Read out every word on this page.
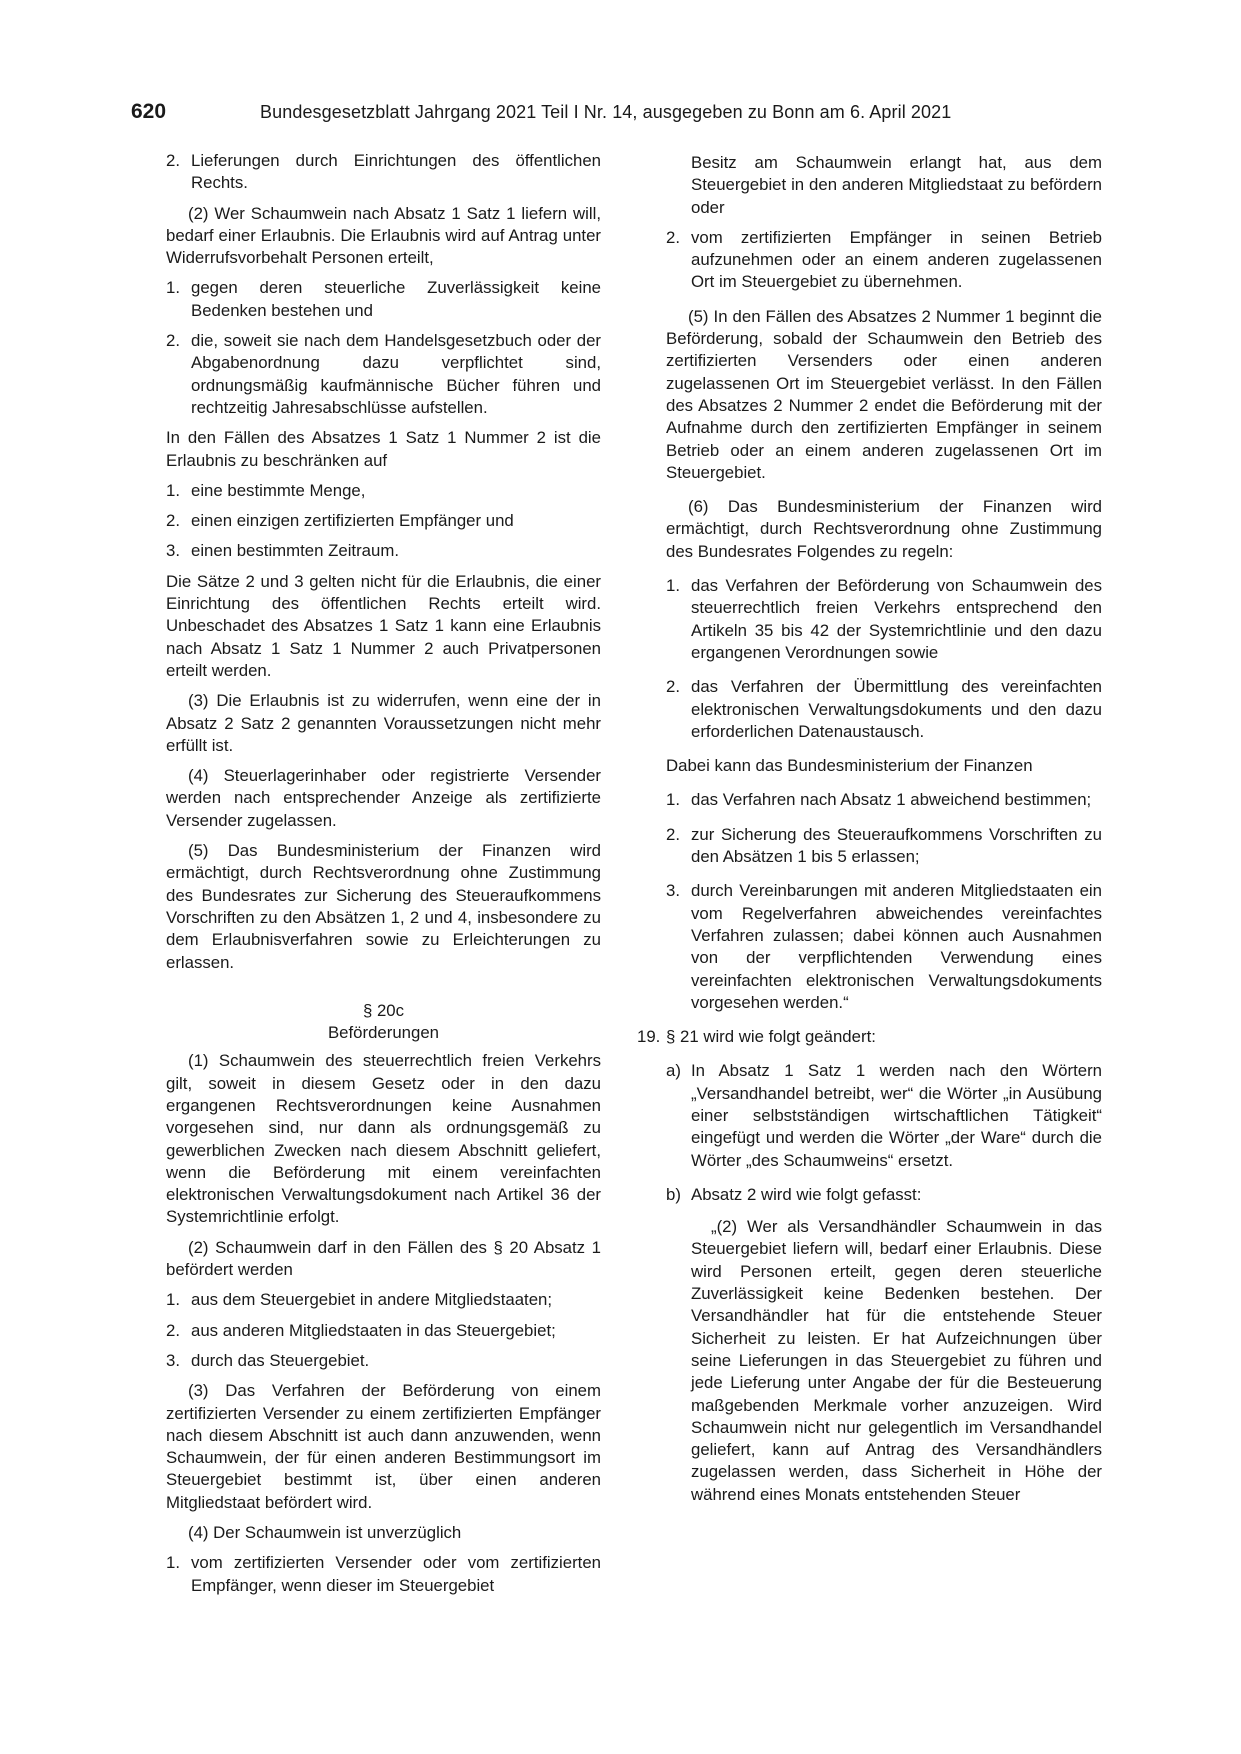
620	Bundesgesetzblatt Jahrgang 2021 Teil I Nr. 14, ausgegeben zu Bonn am 6. April 2021
2. Lieferungen durch Einrichtungen des öffentlichen Rechts.

(2) Wer Schaumwein nach Absatz 1 Satz 1 liefern will, bedarf einer Erlaubnis. Die Erlaubnis wird auf Antrag unter Widerrufsvorbehalt Personen erteilt,

1. gegen deren steuerliche Zuverlässigkeit keine Bedenken bestehen und
2. die, soweit sie nach dem Handelsgesetzbuch oder der Abgabenordnung dazu verpflichtet sind, ordnungsmäßig kaufmännische Bücher führen und rechtzeitig Jahresabschlüsse aufstellen.

In den Fällen des Absatzes 1 Satz 1 Nummer 2 ist die Erlaubnis zu beschränken auf

1. eine bestimmte Menge,
2. einen einzigen zertifizierten Empfänger und
3. einen bestimmten Zeitraum.

Die Sätze 2 und 3 gelten nicht für die Erlaubnis, die einer Einrichtung des öffentlichen Rechts erteilt wird. Unbeschadet des Absatzes 1 Satz 1 kann eine Erlaubnis nach Absatz 1 Satz 1 Nummer 2 auch Privatpersonen erteilt werden.

(3) Die Erlaubnis ist zu widerrufen, wenn eine der in Absatz 2 Satz 2 genannten Voraussetzungen nicht mehr erfüllt ist.

(4) Steuerlagerinhaber oder registrierte Versender werden nach entsprechender Anzeige als zertifizierte Versender zugelassen.

(5) Das Bundesministerium der Finanzen wird ermächtigt, durch Rechtsverordnung ohne Zustimmung des Bundesrates zur Sicherung des Steueraufkommens Vorschriften zu den Absätzen 1, 2 und 4, insbesondere zu dem Erlaubnisverfahren sowie zu Erleichterungen zu erlassen.

§ 20c

Beförderungen

(1) Schaumwein des steuerrechtlich freien Verkehrs gilt, soweit in diesem Gesetz oder in den dazu ergangenen Rechtsverordnungen keine Ausnahmen vorgesehen sind, nur dann als ordnungsgemäß zu gewerblichen Zwecken nach diesem Abschnitt geliefert, wenn die Beförderung mit einem vereinfachten elektronischen Verwaltungsdokument nach Artikel 36 der Systemrichtlinie erfolgt.

(2) Schaumwein darf in den Fällen des § 20 Absatz 1 befördert werden

1. aus dem Steuergebiet in andere Mitgliedstaaten;
2. aus anderen Mitgliedstaaten in das Steuergebiet;
3. durch das Steuergebiet.

(3) Das Verfahren der Beförderung von einem zertifizierten Versender zu einem zertifizierten Empfänger nach diesem Abschnitt ist auch dann anzuwenden, wenn Schaumwein, der für einen anderen Bestimmungsort im Steuergebiet bestimmt ist, über einen anderen Mitgliedstaat befördert wird.

(4) Der Schaumwein ist unverzüglich

1. vom zertifizierten Versender oder vom zertifizierten Empfänger, wenn dieser im Steuergebiet

Besitz am Schaumwein erlangt hat, aus dem Steuergebiet in den anderen Mitgliedstaat zu befördern oder

2. vom zertifizierten Empfänger in seinen Betrieb aufzunehmen oder an einem anderen zugelassenen Ort im Steuergebiet zu übernehmen.

(5) In den Fällen des Absatzes 2 Nummer 1 beginnt die Beförderung, sobald der Schaumwein den Betrieb des zertifizierten Versenders oder einen anderen zugelassenen Ort im Steuergebiet verlässt. In den Fällen des Absatzes 2 Nummer 2 endet die Beförderung mit der Aufnahme durch den zertifizierten Empfänger in seinem Betrieb oder an einem anderen zugelassenen Ort im Steuergebiet.

(6) Das Bundesministerium der Finanzen wird ermächtigt, durch Rechtsverordnung ohne Zustimmung des Bundesrates Folgendes zu regeln:

1. das Verfahren der Beförderung von Schaumwein des steuerrechtlich freien Verkehrs entsprechend den Artikeln 35 bis 42 der Systemrichtlinie und den dazu ergangenen Verordnungen sowie
2. das Verfahren der Übermittlung des vereinfachten elektronischen Verwaltungsdokuments und den dazu erforderlichen Datenaustausch.

Dabei kann das Bundesministerium der Finanzen

1. das Verfahren nach Absatz 1 abweichend bestimmen;
2. zur Sicherung des Steueraufkommens Vorschriften zu den Absätzen 1 bis 5 erlassen;
3. durch Vereinbarungen mit anderen Mitgliedstaaten ein vom Regelverfahren abweichendes vereinfachtes Verfahren zulassen; dabei können auch Ausnahmen von der verpflichtenden Verwendung eines vereinfachten elektronischen Verwaltungsdokuments vorgesehen werden.“
19. § 21 wird wie folgt geändert:
a) In Absatz 1 Satz 1 werden nach den Wörtern „Versandhandel betreibt, wer“ die Wörter „in Ausübung einer selbstständigen wirtschaftlichen Tätigkeit“ eingefügt und werden die Wörter „der Ware“ durch die Wörter „des Schaumweins“ ersetzt.
b) Absatz 2 wird wie folgt gefasst:

„(2) Wer als Versandhändler Schaumwein in das Steuergebiet liefern will, bedarf einer Erlaubnis. Diese wird Personen erteilt, gegen deren steuerliche Zuverlässigkeit keine Bedenken bestehen. Der Versandhändler hat für die entstehende Steuer Sicherheit zu leisten. Er hat Aufzeichnungen über seine Lieferungen in das Steuergebiet zu führen und jede Lieferung unter Angabe der für die Besteuerung maßgebenden Merkmale vorher anzuzeigen. Wird Schaumwein nicht nur gelegentlich im Versandhandel geliefert, kann auf Antrag des Versandhändlers zugelassen werden, dass Sicherheit in Höhe der während eines Monats entstehenden Steuer
